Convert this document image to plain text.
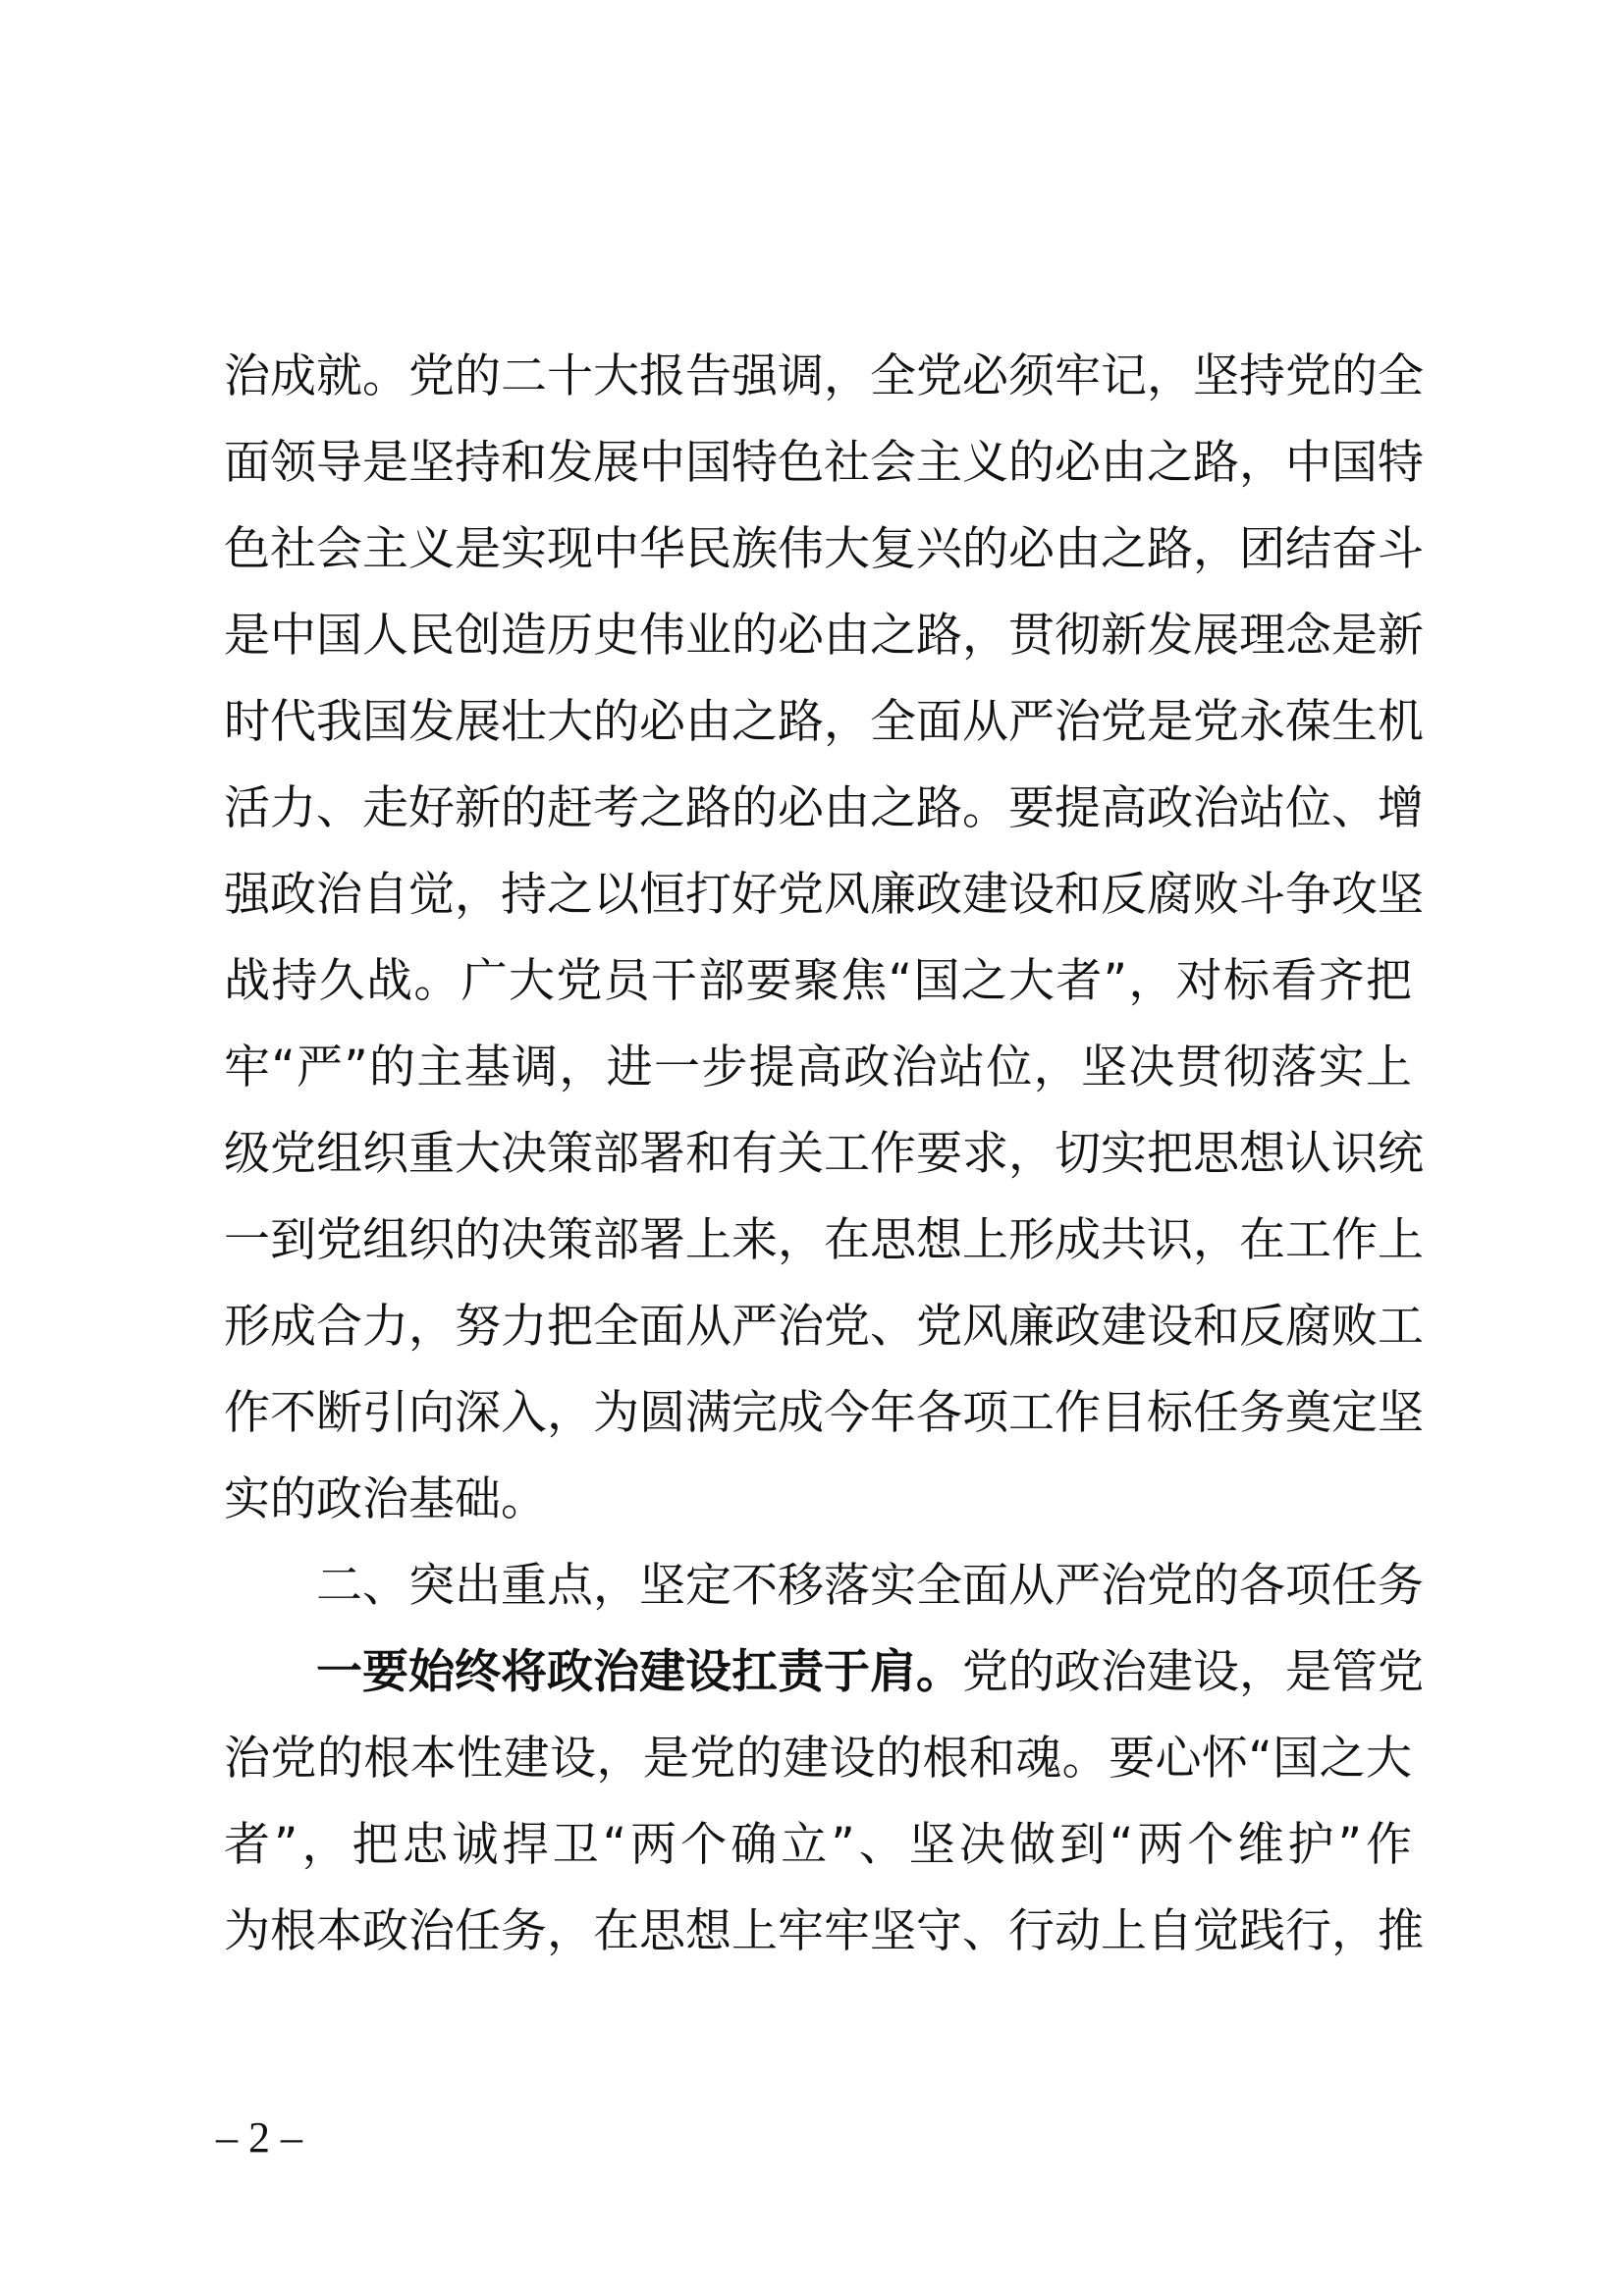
治成就。党的二十大报告强调，全党必须牢记，坚持党的全
面领导是坚持和发展中国特色社会主义的必由之路，中国特
色社会主义是实现中华民族伟大复兴的必由之路，团结奋斗
是中国人民创造历史伟业的必由之路，贯彻新发展理念是新
时代我国发展壮大的必由之路，全面从严治党是党永葆生机
活力、走好新的赶考之路的必由之路。要提高政治站位、增
强政治自觉，持之以恒打好党风廉政建设和反腐败斗争攻坚
战持久战。广大党员干部要聚焦“国之大者”，对标看齐把
牢“严”的主基调，进一步提高政治站位，坚决贯彻落实上
级党组织重大决策部署和有关工作要求，切实把思想认识统
一到党组织的决策部署上来，在思想上形成共识，在工作上
形成合力，努力把全面从严治党、党风廉政建设和反腐败工
作不断引向深入，为圆满完成今年各项工作目标任务奠定坚
实的政治基础。
二、突出重点，坚定不移落实全面从严治党的各项任务
一要始终将政治建设扛责于肩。党的政治建设，是管党
治党的根本性建设，是党的建设的根和魂。要心怀“国之大
者”，把忠诚捍卫“两个确立”、坚决做到“两个维护”作
为根本政治任务，在思想上牢牢坚守、行动上自觉践行，推
– 2 –
